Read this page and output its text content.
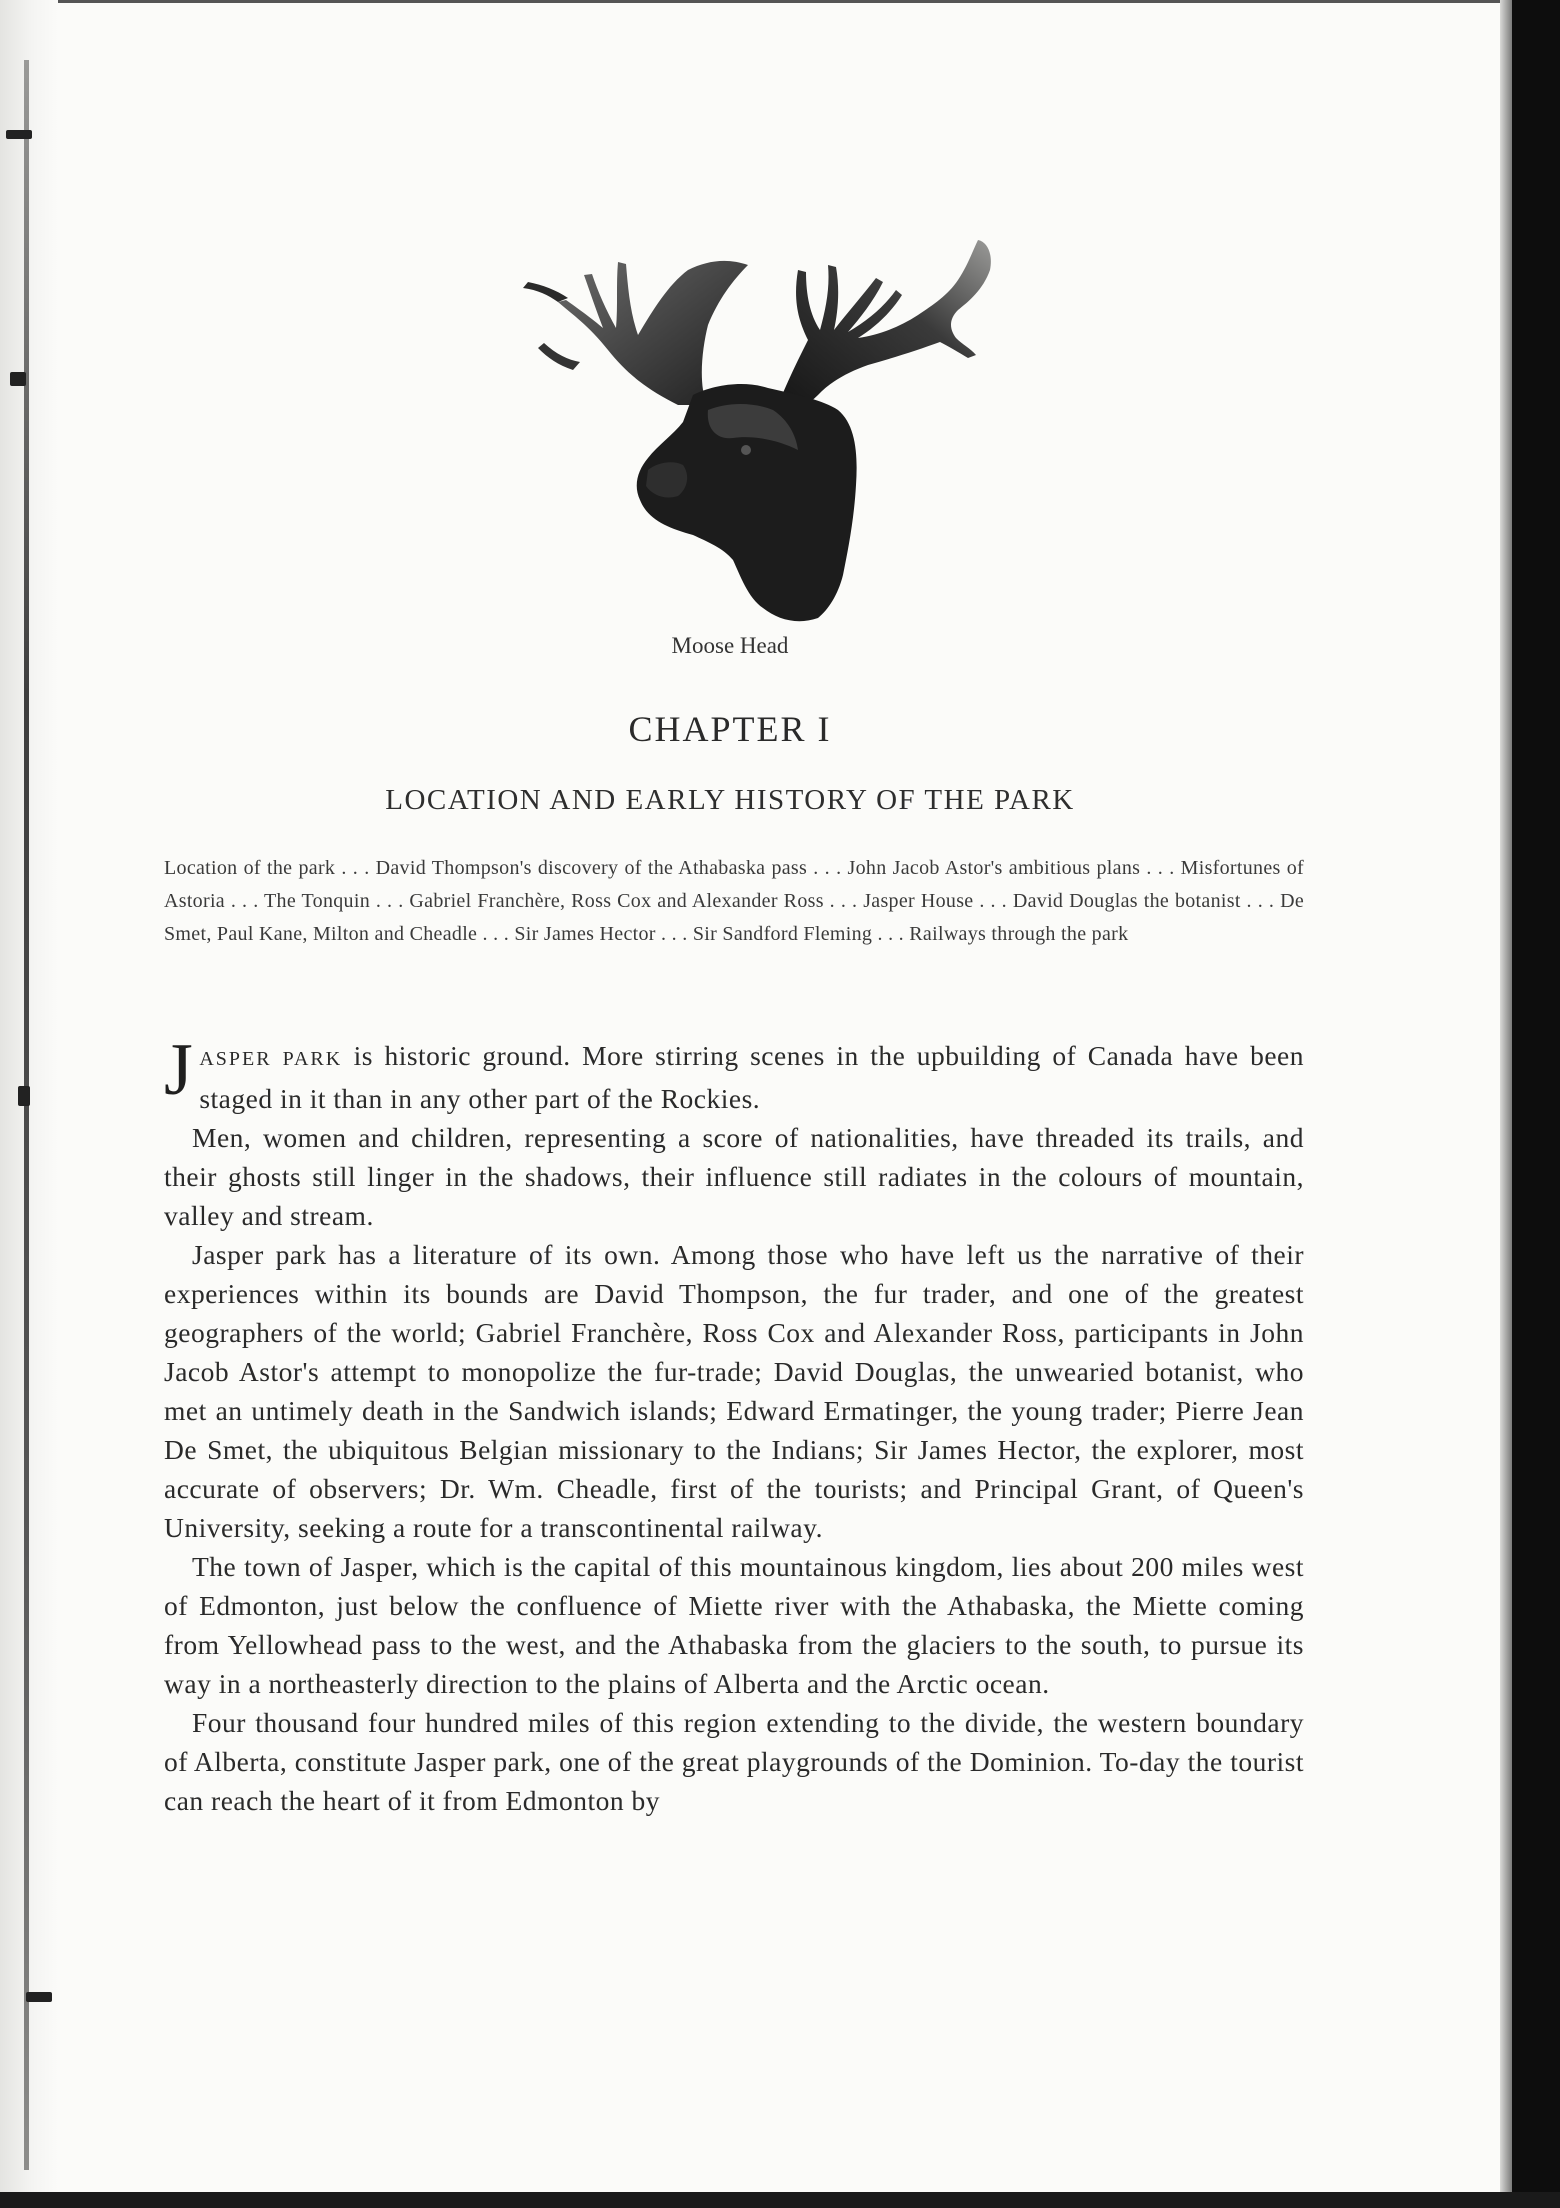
Moose Head
CHAPTER I
LOCATION AND EARLY HISTORY OF THE PARK
Location of the park . . . David Thompson's discovery of the Athabaska pass . . . John Jacob Astor's ambitious plans . . . Misfortunes of Astoria . . . The Tonquin . . . Gabriel Franchère, Ross Cox and Alexander Ross . . . Jasper House . . . David Douglas the botanist . . . De Smet, Paul Kane, Milton and Cheadle . . . Sir James Hector . . . Sir Sandford Fleming . . . Railways through the park

JASPER PARK is historic ground. More stirring scenes in the upbuilding of Canada have been staged in it than in any other part of the Rockies.

Men, women and children, representing a score of nationalities, have threaded its trails, and their ghosts still linger in the shadows, their influence still radiates in the colours of mountain, valley and stream.

Jasper park has a literature of its own. Among those who have left us the narrative of their experiences within its bounds are David Thompson, the fur trader, and one of the greatest geographers of the world; Gabriel Franchère, Ross Cox and Alexander Ross, participants in John Jacob Astor's attempt to monopolize the fur-trade; David Douglas, the unwearied botanist, who met an untimely death in the Sandwich islands; Edward Ermatinger, the young trader; Pierre Jean De Smet, the ubiquitous Belgian missionary to the Indians; Sir James Hector, the explorer, most accurate of observers; Dr. Wm. Cheadle, first of the tourists; and Principal Grant, of Queen's University, seeking a route for a transcontinental railway.

The town of Jasper, which is the capital of this mountainous kingdom, lies about 200 miles west of Edmonton, just below the confluence of Miette river with the Athabaska, the Miette coming from Yellowhead pass to the west, and the Athabaska from the glaciers to the south, to pursue its way in a northeasterly direction to the plains of Alberta and the Arctic ocean.

Four thousand four hundred miles of this region extending to the divide, the western boundary of Alberta, constitute Jasper park, one of the great playgrounds of the Dominion. To-day the tourist can reach the heart of it from Edmonton by
